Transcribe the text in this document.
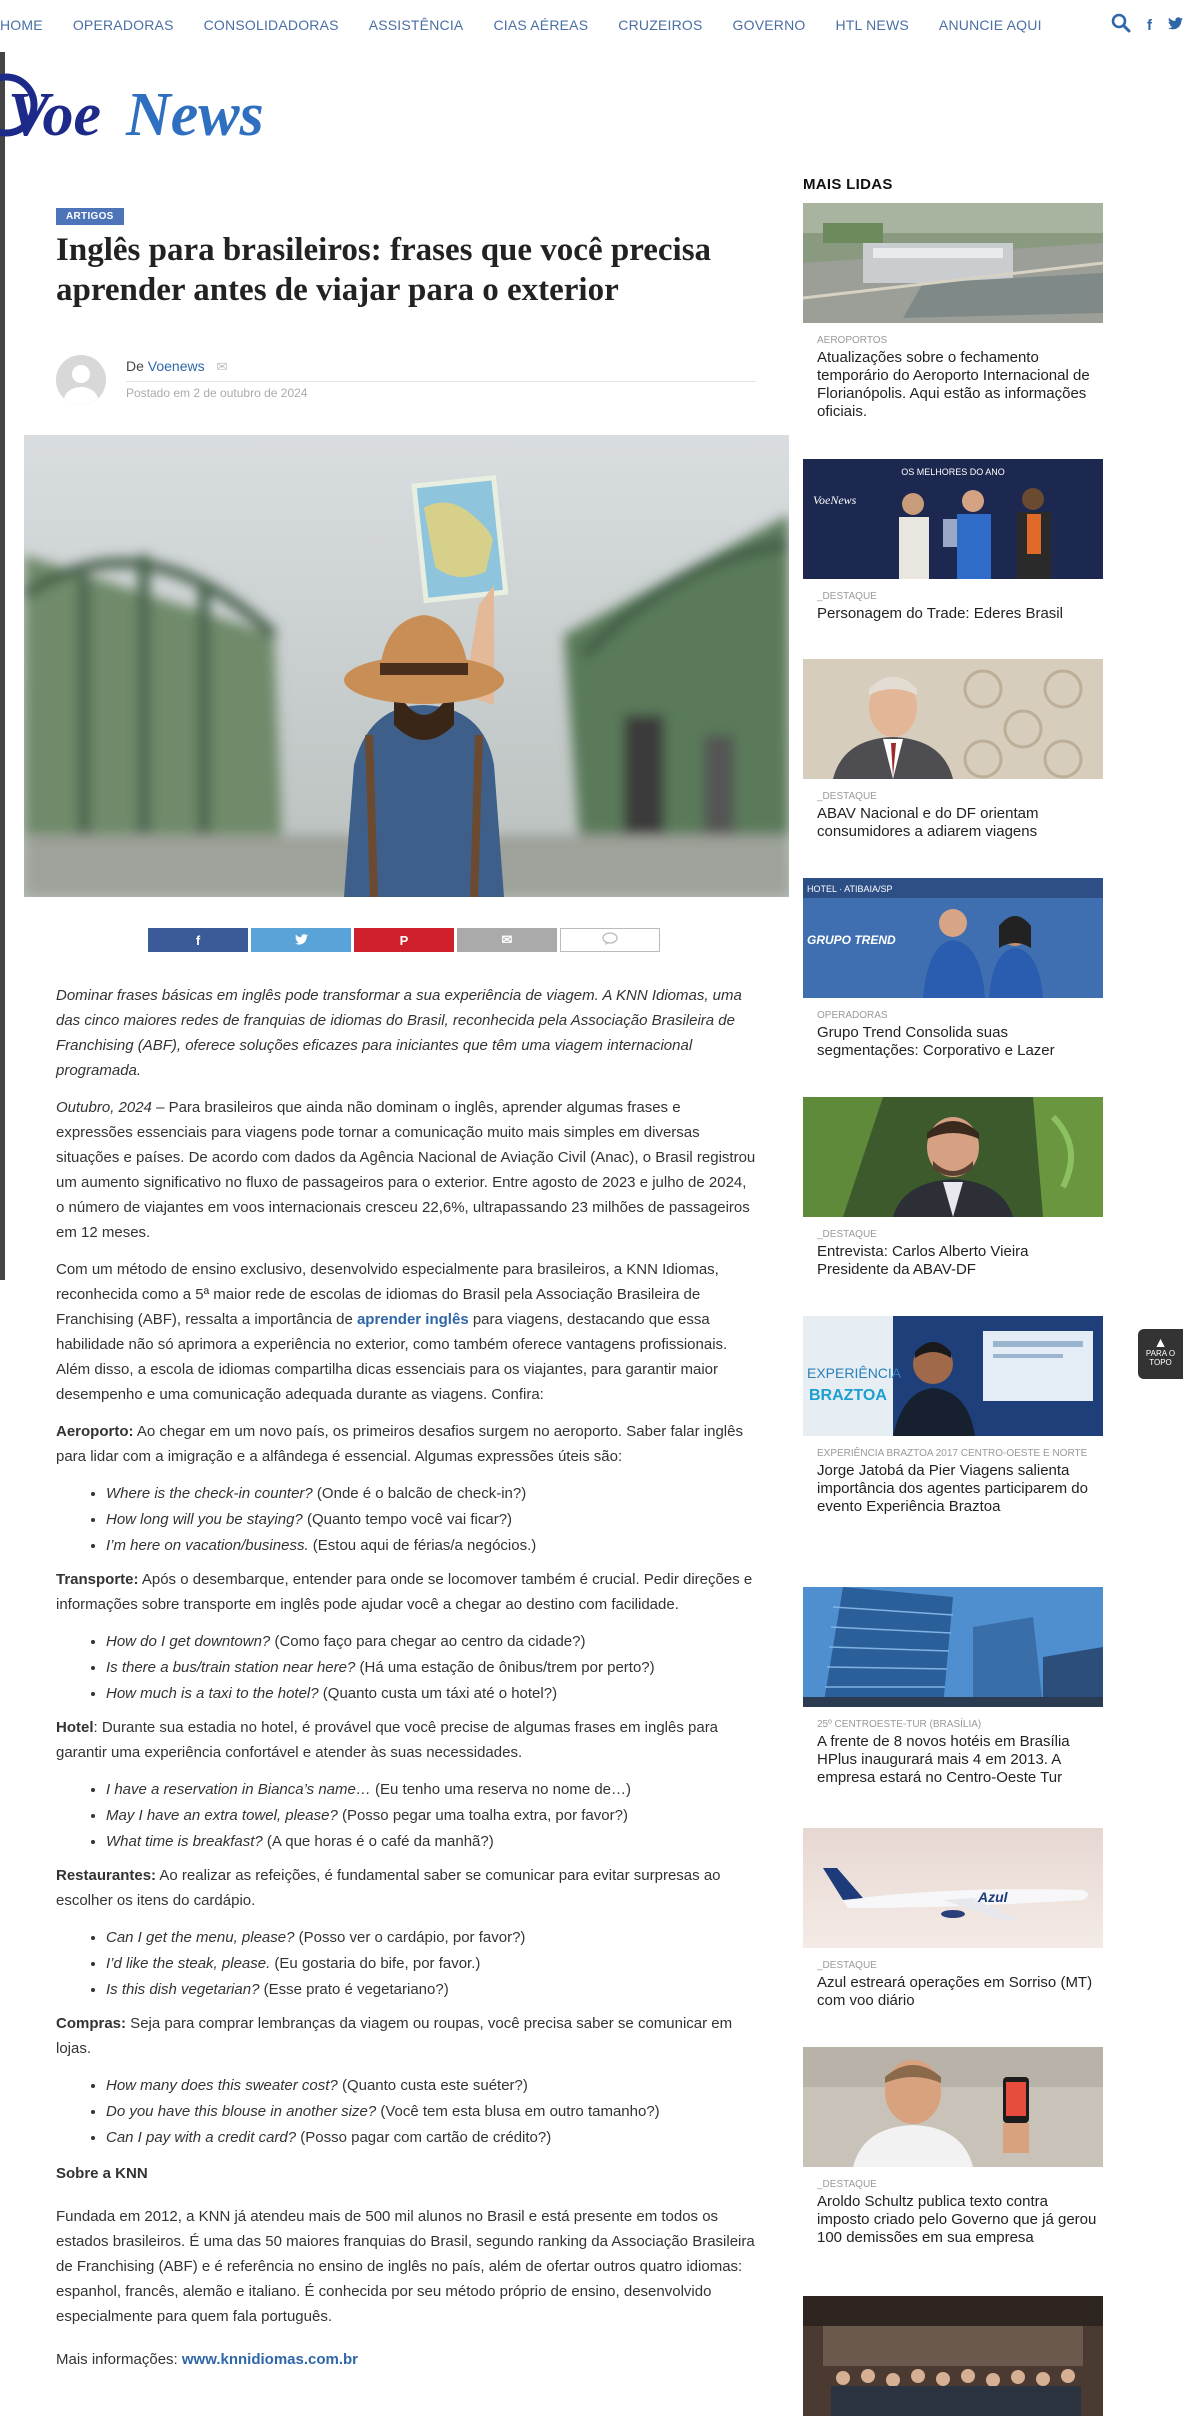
HOME OPERADORAS CONSOLIDADORAS ASSISTÊNCIA CIAS AÉREAS CRUZEIROS GOVERNO HTL NEWS ANUNCIE AQUI	f
Voe News
ARTIGOS
Inglês para brasileiros: frases que você precisa aprender antes de viajar para o exterior
De Voenews ✉
Postado em 2 de outubro de 2024
f	P	✉

Dominar frases básicas em inglês pode transformar a sua experiência de viagem. A KNN Idiomas, uma das cinco maiores redes de franquias de idiomas do Brasil, reconhecida pela Associação Brasileira de Franchising (ABF), oferece soluções eficazes para iniciantes que têm uma viagem internacional programada.

Outubro, 2024 – Para brasileiros que ainda não dominam o inglês, aprender algumas frases e expressões essenciais para viagens pode tornar a comunicação muito mais simples em diversas situações e países. De acordo com dados da Agência Nacional de Aviação Civil (Anac), o Brasil registrou um aumento significativo no fluxo de passageiros para o exterior. Entre agosto de 2023 e julho de 2024, o número de viajantes em voos internacionais cresceu 22,6%, ultrapassando 23 milhões de passageiros em 12 meses.

Com um método de ensino exclusivo, desenvolvido especialmente para brasileiros, a KNN Idiomas, reconhecida como a 5ª maior rede de escolas de idiomas do Brasil pela Associação Brasileira de Franchising (ABF), ressalta a importância de aprender inglês para viagens, destacando que essa habilidade não só aprimora a experiência no exterior, como também oferece vantagens profissionais. Além disso, a escola de idiomas compartilha dicas essenciais para os viajantes, para garantir maior desempenho e uma comunicação adequada durante as viagens. Confira:

Aeroporto: Ao chegar em um novo país, os primeiros desafios surgem no aeroporto. Saber falar inglês para lidar com a imigração e a alfândega é essencial. Algumas expressões úteis são:

• Where is the check-in counter? (Onde é o balcão de check-in?)
• How long will you be staying? (Quanto tempo você vai ficar?)
• I’m here on vacation/business. (Estou aqui de férias/a negócios.)

Transporte: Após o desembarque, entender para onde se locomover também é crucial. Pedir direções e informações sobre transporte em inglês pode ajudar você a chegar ao destino com facilidade.

• How do I get downtown? (Como faço para chegar ao centro da cidade?)
• Is there a bus/train station near here? (Há uma estação de ônibus/trem por perto?)
• How much is a taxi to the hotel? (Quanto custa um táxi até o hotel?)

Hotel: Durante sua estadia no hotel, é provável que você precise de algumas frases em inglês para garantir uma experiência confortável e atender às suas necessidades.

• I have a reservation in Bianca’s name… (Eu tenho uma reserva no nome de…)
• May I have an extra towel, please? (Posso pegar uma toalha extra, por favor?)
• What time is breakfast? (A que horas é o café da manhã?)

Restaurantes: Ao realizar as refeições, é fundamental saber se comunicar para evitar surpresas ao escolher os itens do cardápio.

• Can I get the menu, please? (Posso ver o cardápio, por favor?)
• I’d like the steak, please. (Eu gostaria do bife, por favor.)
• Is this dish vegetarian? (Esse prato é vegetariano?)

Compras: Seja para comprar lembranças da viagem ou roupas, você precisa saber se comunicar em lojas.

• How many does this sweater cost? (Quanto custa este suéter?)
• Do you have this blouse in another size? (Você tem esta blusa em outro tamanho?)
• Can I pay with a credit card? (Posso pagar com cartão de crédito?)

Sobre a KNN

Fundada em 2012, a KNN já atendeu mais de 500 mil alunos no Brasil e está presente em todos os estados brasileiros. É uma das 50 maiores franquias do Brasil, segundo ranking da Associação Brasileira de Franchising (ABF) e é referência no ensino de inglês no país, além de ofertar outros quatro idiomas: espanhol, francês, alemão e italiano. É conhecida por seu método próprio de ensino, desenvolvido especialmente para quem fala português.

Mais informações: www.knnidiomas.com.br

MAIS LIDAS
AEROPORTOS
Atualizações sobre o fechamento temporário do Aeroporto Internacional de Florianópolis. Aqui estão as informações oficiais.
OS MELHORES DO ANO
VoeNews
_DESTAQUE
Personagem do Trade: Ederes Brasil
_DESTAQUE
ABAV Nacional e do DF orientam consumidores a adiarem viagens
HOTEL · ATIBAIA/SP
GRUPO TREND
OPERADORAS
Grupo Trend Consolida suas segmentações: Corporativo e Lazer
_DESTAQUE
Entrevista: Carlos Alberto Vieira Presidente da ABAV-DF
EXPERIÊNCIA
BRAZTOA
EXPERIÊNCIA BRAZTOA 2017 CENTRO-OESTE E NORTE
Jorge Jatobá da Pier Viagens salienta importância dos agentes participarem do evento Experiência Braztoa
25º CENTROESTE-TUR (BRASÍLIA)
A frente de 8 novos hotéis em Brasília HPlus inaugurará mais 4 em 2013. A empresa estará no Centro-Oeste Tur
Azul
_DESTAQUE
Azul estreará operações em Sorriso (MT) com voo diário
_DESTAQUE
Aroldo Schultz publica texto contra imposto criado pelo Governo que já gerou 100 demissões em sua empresa
▲
PARA O TOPO
